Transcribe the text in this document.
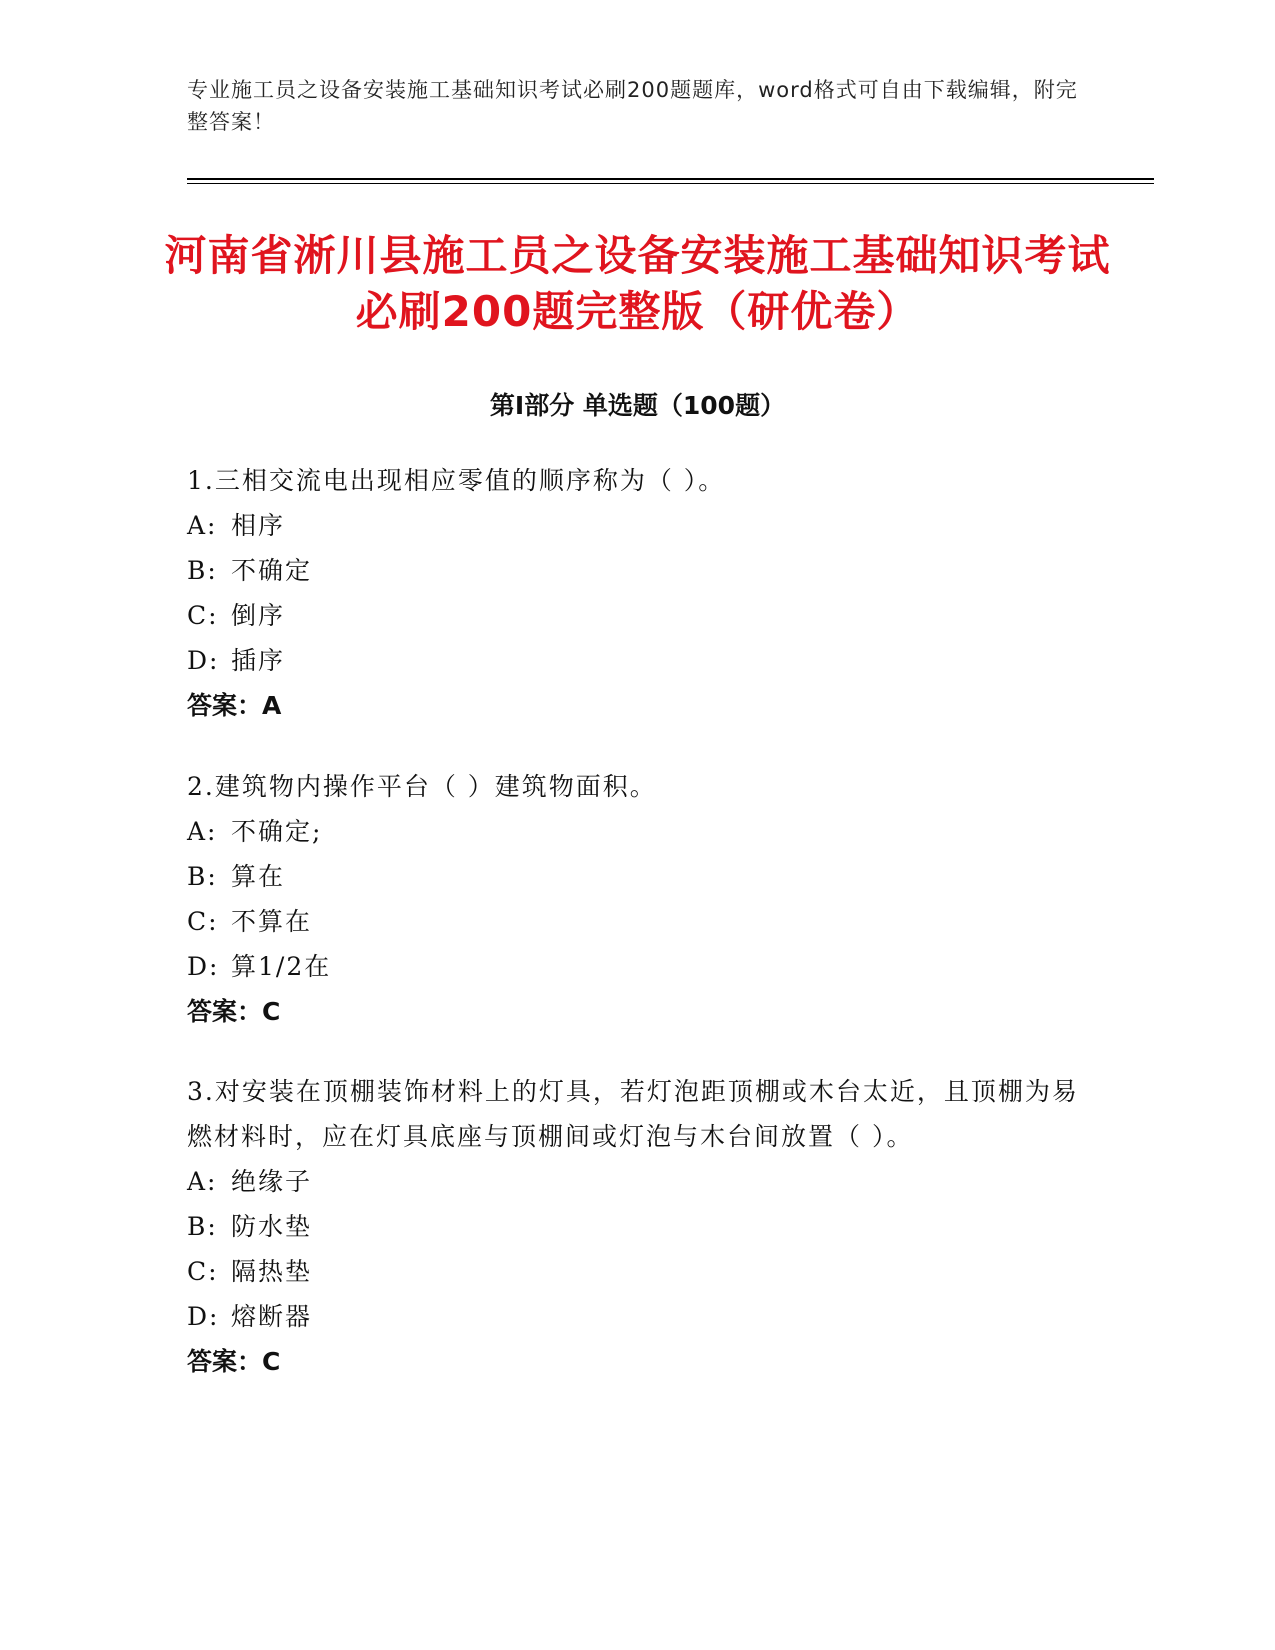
专业施工员之设备安装施工基础知识考试必刷200题题库，word格式可自由下载编辑，附完整答案！
河南省淅川县施工员之设备安装施工基础知识考试必刷200题完整版（研优卷）
第Ⅰ部分 单选题（100题）
1.三相交流电出现相应零值的顺序称为（ ）。
A: 相序
B: 不确定
C: 倒序
D: 插序
答案：A
2.建筑物内操作平台（ ）建筑物面积。
A: 不确定;
B: 算在
C: 不算在
D: 算1/2在
答案：C
3.对安装在顶棚装饰材料上的灯具，若灯泡距顶棚或木台太近，且顶棚为易燃材料时，应在灯具底座与顶棚间或灯泡与木台间放置（ ）。
A: 绝缘子
B: 防水垫
C: 隔热垫
D: 熔断器
答案：C
